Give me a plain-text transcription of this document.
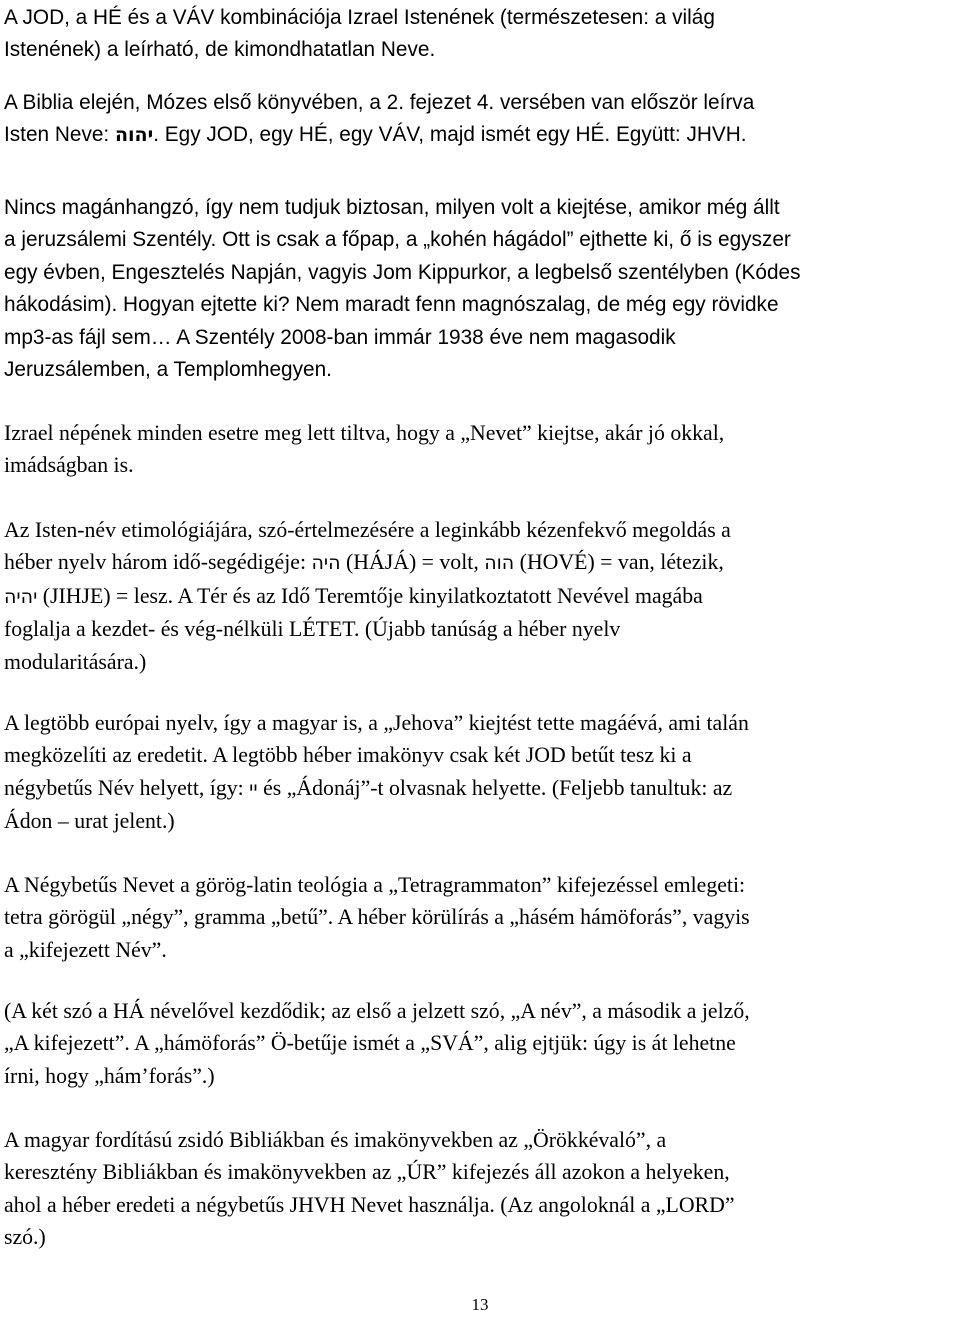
A JOD, a HÉ és a VÁV kombinációja Izrael Istenének (természetesen: a világ
Istenének) a leírható, de kimondhatatlan Neve.

A Biblia elején, Mózes első könyvében, a 2. fejezet 4. versében van először leírva
Isten Neve: יהוה. Egy JOD, egy HÉ, egy VÁV, majd ismét egy HÉ. Együtt: JHVH.

Nincs magánhangzó, így nem tudjuk biztosan, milyen volt a kiejtése, amikor még állt
a jeruzsálemi Szentély. Ott is csak a főpap, a „kohén hágádol” ejthette ki, ő is egyszer
egy évben, Engesztelés Napján, vagyis Jom Kippurkor, a legbelső szentélyben (Kódes
hákodásim). Hogyan ejtette ki? Nem maradt fenn magnószalag, de még egy rövidke
mp3-as fájl sem… A Szentély 2008-ban immár 1938 éve nem magasodik
Jeruzsálemben, a Templomhegyen.

Izrael népének minden esetre meg lett tiltva, hogy a „Nevet” kiejtse, akár jó okkal,
imádságban is.

Az Isten-név etimológiájára, szó-értelmezésére a leginkább kézenfekvő megoldás a
héber nyelv három idő-segédigéje: היה (HÁJÁ) = volt, הוה (HOVÉ) = van, létezik,
יהיה (JIHJE) = lesz. A Tér és az Idő Teremtője kinyilatkoztatott Nevével magába
foglalja a kezdet- és vég-nélküli LÉTET. (Újabb tanúság a héber nyelv
modularitására.)

A legtöbb európai nyelv, így a magyar is, a „Jehova” kiejtést tette magáévá, ami talán
megközelíti az eredetit. A legtöbb héber imakönyv csak két JOD betűt tesz ki a
négybetűs Név helyett, így: יי és „Ádonáj”-t olvasnak helyette. (Feljebb tanultuk: az
Ádon – urat jelent.)

A Négybetűs Nevet a görög-latin teológia a „Tetragrammaton” kifejezéssel emlegeti:
tetra görögül „négy”, gramma „betű”. A héber körülírás a „hásém hámöforás”, vagyis
a „kifejezett Név”.

(A két szó a HÁ névelővel kezdődik; az első a jelzett szó, „A név”, a második a jelző,
„A kifejezett”. A „hámöforás” Ö-betűje ismét a „SVÁ”, alig ejtjük: úgy is át lehetne
írni, hogy „hám’forás”.)

A magyar fordítású zsidó Bibliákban és imakönyvekben az „Örökkévaló”, a
keresztény Bibliákban és imakönyvekben az „ÚR” kifejezés áll azokon a helyeken,
ahol a héber eredeti a négybetűs JHVH Nevet használja. (Az angoloknál a „LORD”
szó.)

13
